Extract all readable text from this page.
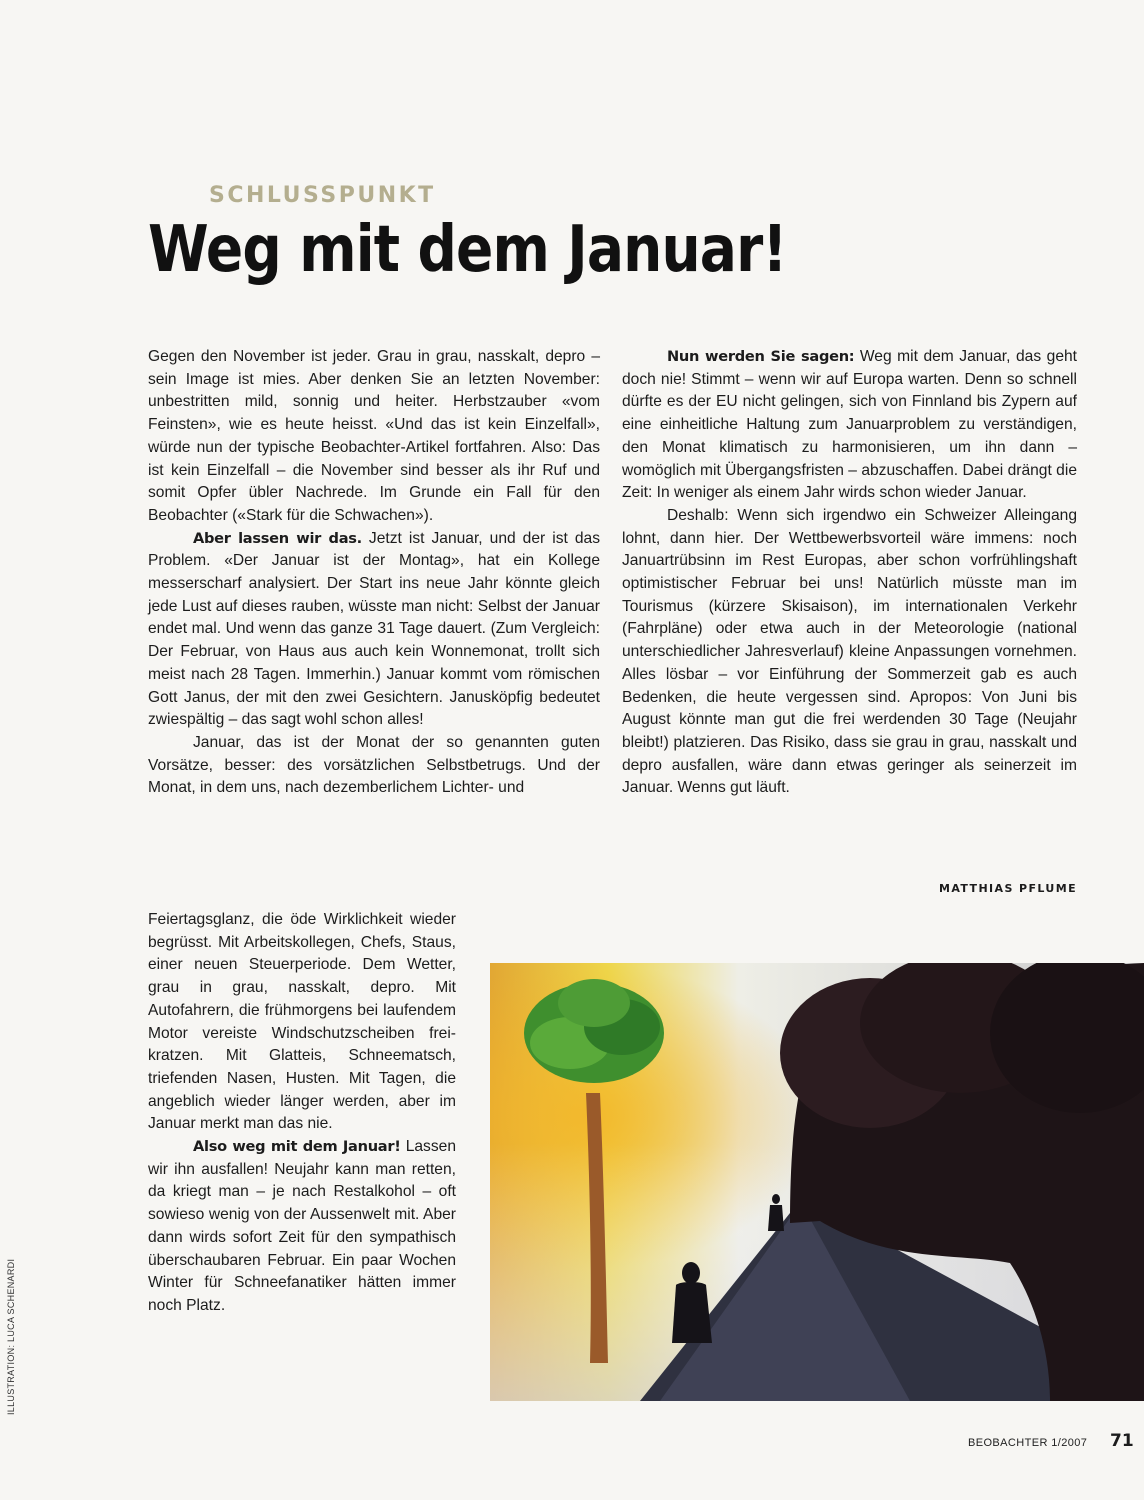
SCHLUSSPUNKT
Weg mit dem Januar!

Gegen den November ist jeder. Grau in grau, nasskalt, depro – sein Image ist mies. Aber denken Sie an letzten November: unbestritten mild, sonnig und heiter. Herbstzauber «vom Feinsten», wie es heute heisst. «Und das ist kein Einzelfall», würde nun der typische Beobachter-Artikel fortfahren. Also: Das ist kein Einzelfall – die November sind besser als ihr Ruf und somit Opfer übler Nachrede. Im Grunde ein Fall für den Beobachter («Stark für die Schwachen»).

Aber lassen wir das. Jetzt ist Januar, und der ist das Problem. «Der Januar ist der Montag», hat ein Kollege messerscharf analysiert. Der Start ins neue Jahr könnte gleich jede Lust auf dieses rauben, wüsste man nicht: Selbst der Januar endet mal. Und wenn das ganze 31 Tage dauert. (Zum Vergleich: Der Februar, von Haus aus auch kein Wonnemonat, trollt sich meist nach 28 Tagen. Immerhin.) Januar kommt vom römischen Gott Janus, der mit den zwei Gesichtern. Janusköpfig bedeutet zwiespältig – das sagt wohl schon alles!

Januar, das ist der Monat der so genannten guten Vorsätze, besser: des vorsätzlichen Selbstbetrugs. Und der Monat, in dem uns, nach dezemberlichem Lichter- und

Feiertagsglanz, die öde Wirklichkeit wieder begrüsst. Mit Arbeitskollegen, Chefs, Staus, einer neuen Steuerperiode. Dem Wetter, grau in grau, nasskalt, depro. Mit Autofahrern, die frühmorgens bei laufendem Motor vereiste Windschutzscheiben freikratzen. Mit Glatteis, Schneematsch, triefenden Nasen, Husten. Mit Tagen, die angeblich wieder länger werden, aber im Januar merkt man das nie.

Also weg mit dem Januar! Lassen wir ihn ausfallen! Neujahr kann man retten, da kriegt man – je nach Restalkohol – oft sowieso wenig von der Aussenwelt mit. Aber dann wirds sofort Zeit für den sympathisch überschaubaren Februar. Ein paar Wochen Winter für Schneefanatiker hätten immer noch Platz.

Nun werden Sie sagen: Weg mit dem Januar, das geht doch nie! Stimmt – wenn wir auf Europa warten. Denn so schnell dürfte es der EU nicht gelingen, sich von Finnland bis Zypern auf eine einheitliche Haltung zum Januarproblem zu verständigen, den Monat klimatisch zu harmonisieren, um ihn dann – womöglich mit Übergangsfristen – abzuschaffen. Dabei drängt die Zeit: In weniger als einem Jahr wirds schon wieder Januar.

Deshalb: Wenn sich irgendwo ein Schweizer Alleingang lohnt, dann hier. Der Wettbewerbsvorteil wäre immens: noch Januartrübsinn im Rest Europas, aber schon vorfrühlingshaft optimistischer Februar bei uns! Natürlich müsste man im Tourismus (kürzere Skisaison), im internationalen Verkehr (Fahrpläne) oder etwa auch in der Meteorologie (national unterschiedlicher Jahresverlauf) kleine Anpassungen vornehmen. Alles lösbar – vor Einführung der Sommerzeit gab es auch Bedenken, die heute vergessen sind. Apropos: Von Juni bis August könnte man gut die frei werdenden 30 Tage (Neujahr bleibt!) platzieren. Das Risiko, dass sie grau in grau, nasskalt und depro ausfallen, wäre dann etwas geringer als seinerzeit im Januar. Wenns gut läuft.

MATTHIAS PFLUME
ILLUSTRATION: LUCA SCHENARDI
BEOBACHTER 1/2007 71
